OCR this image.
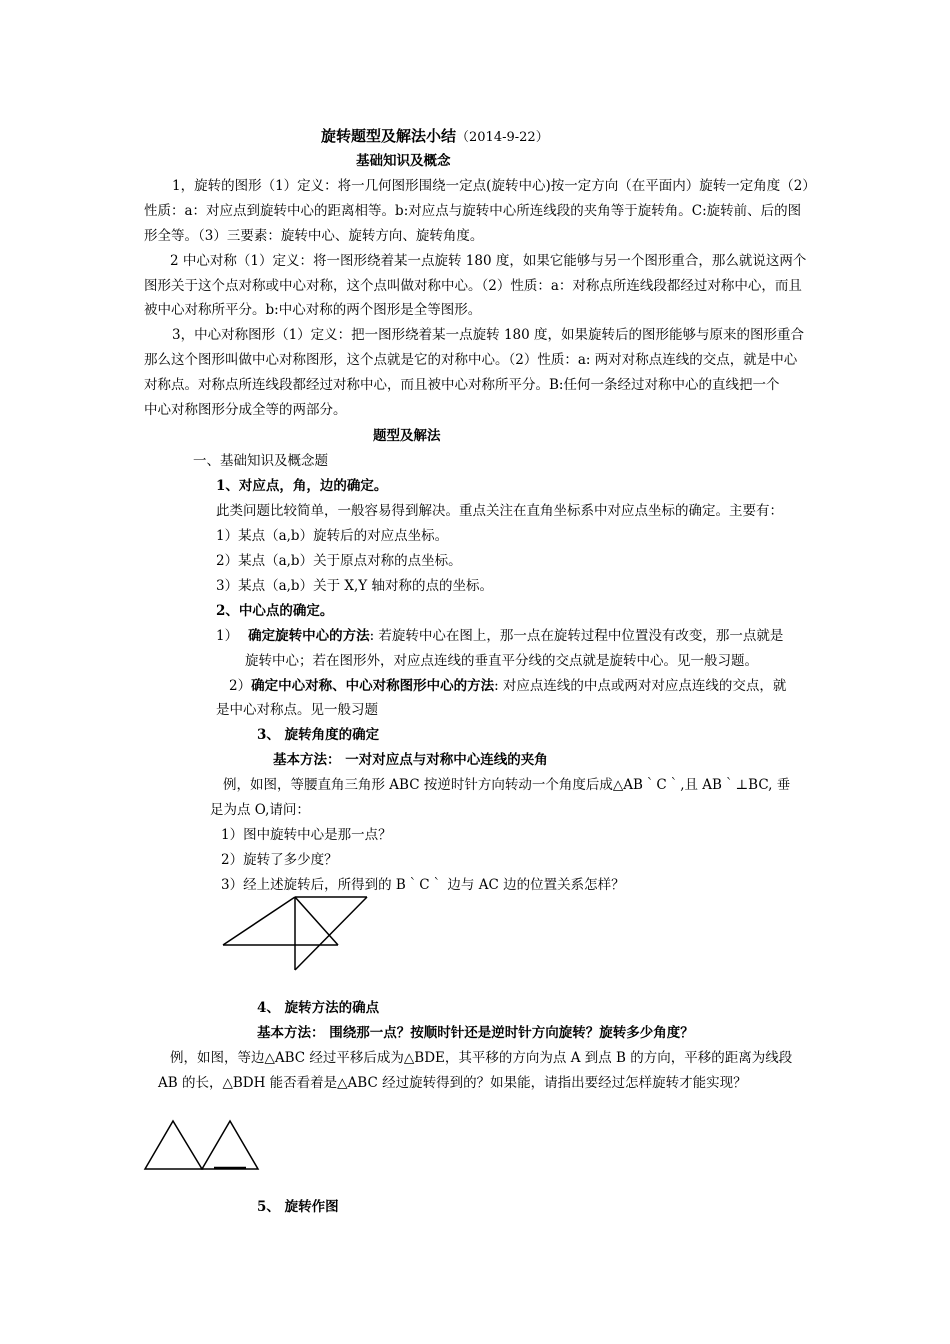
旋转题型及解法小结（2014-9-22）
基础知识及概念
1，旋转的图形（1）定义：将一几何图形围绕一定点(旋转中心)按一定方向（在平面内）旋转一定角度（2）
性质：a：对应点到旋转中心的距离相等。b:对应点与旋转中心所连线段的夹角等于旋转角。C:旋转前、后的图
形全等。（3）三要素：旋转中心、旋转方向、旋转角度。
2 中心对称（1）定义：将一图形绕着某一点旋转 180 度，如果它能够与另一个图形重合，那么就说这两个
图形关于这个点对称或中心对称，这个点叫做对称中心。（2）性质：a：对称点所连线段都经过对称中心，而且
被中心对称所平分。b:中心对称的两个图形是全等图形。
3，中心对称图形（1）定义：把一图形绕着某一点旋转 180 度，如果旋转后的图形能够与原来的图形重合
那么这个图形叫做中心对称图形，这个点就是它的对称中心。（2）性质：a: 两对对称点连线的交点，就是中心
对称点。对称点所连线段都经过对称中心，而且被中心对称所平分。B:任何一条经过对称中心的直线把一个
中心对称图形分成全等的两部分。
题型及解法
一、基础知识及概念题
1、对应点，角，边的确定。
此类问题比较简单，一般容易得到解决。重点关注在直角坐标系中对应点坐标的确定。主要有：
1）某点（a,b）旋转后的对应点坐标。
2）某点（a,b）关于原点对称的点坐标。
3）某点（a,b）关于 X,Y 轴对称的点的坐标。
2、中心点的确定。
1） 确定旋转中心的方法: 若旋转中心在图上，那一点在旋转过程中位置没有改变，那一点就是
旋转中心；若在图形外，对应点连线的垂直平分线的交点就是旋转中心。见一般习题。
2）确定中心对称、中心对称图形中心的方法: 对应点连线的中点或两对对应点连线的交点，就
是中心对称点。见一般习题
3、 旋转角度的确定
基本方法： 一对对应点与对称中心连线的夹角
例，如图，等腰直角三角形 ABC 按逆时针方向转动一个角度后成△AB｀C｀,且 AB｀⊥BC, 垂
足为点 O,请问：
1）图中旋转中心是那一点？
2）旋转了多少度？
3）经上述旋转后，所得到的 B｀C｀ 边与 AC 边的位置关系怎样？
4、 旋转方法的确点
基本方法： 围绕那一点？按顺时针还是逆时针方向旋转？旋转多少角度？
例，如图，等边△ABC 经过平移后成为△BDE，其平移的方向为点 A 到点 B 的方向，平移的距离为线段
AB 的长，△BDH 能否看着是△ABC 经过旋转得到的？如果能，请指出要经过怎样旋转才能实现？
5、 旋转作图
